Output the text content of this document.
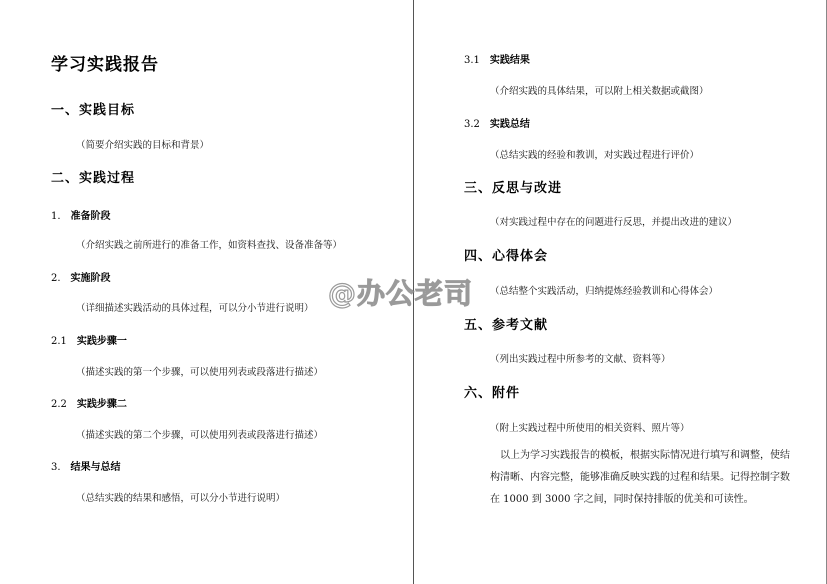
学习实践报告
一、实践目标
（简要介绍实践的目标和背景）
二、实践过程
1. 准备阶段
（介绍实践之前所进行的准备工作，如资料查找、设备准备等）
2. 实施阶段
（详细描述实践活动的具体过程，可以分小节进行说明）
2.1 实践步骤一
（描述实践的第一个步骤，可以使用列表或段落进行描述）
2.2 实践步骤二
（描述实践的第二个步骤，可以使用列表或段落进行描述）
3. 结果与总结
（总结实践的结果和感悟，可以分小节进行说明）
3.1 实践结果
（介绍实践的具体结果，可以附上相关数据或截图）
3.2 实践总结
（总结实践的经验和教训，对实践过程进行评价）
三、反思与改进
（对实践过程中存在的问题进行反思，并提出改进的建议）
四、心得体会
（总结整个实践活动，归纳提炼经验教训和心得体会）
五、参考文献
（列出实践过程中所参考的文献、资料等）
六、附件
（附上实践过程中所使用的相关资料、照片等）
以上为学习实践报告的模板，根据实际情况进行填写和调整，使结构清晰、内容完整，能够准确反映实践的过程和结果。记得控制字数在 1000 到 3000 字之间，同时保持排版的优美和可读性。
@办公老司
